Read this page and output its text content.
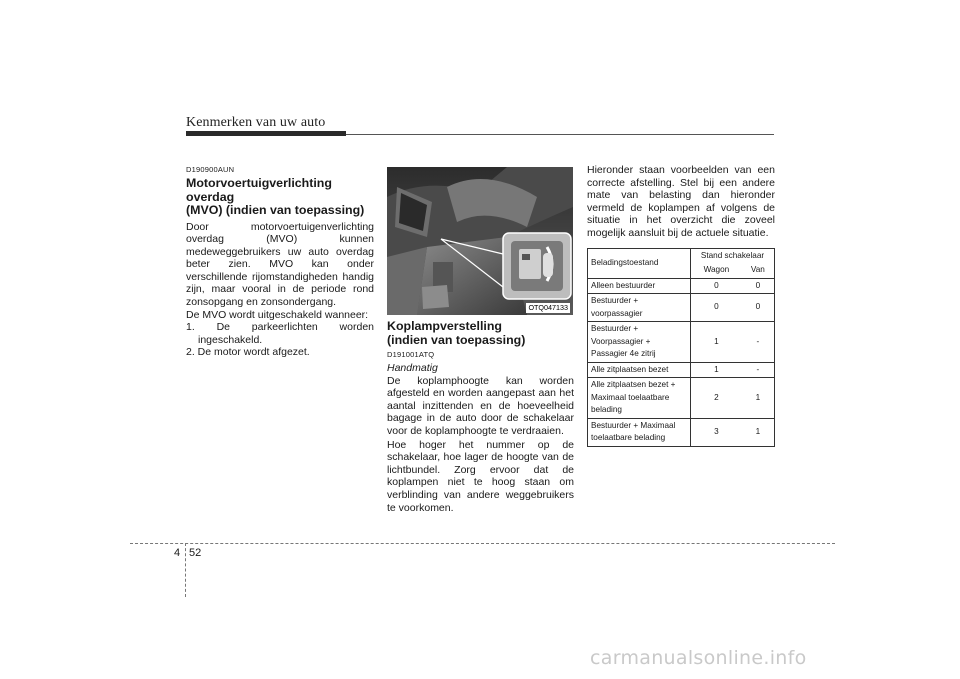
Kenmerken van uw auto
D190900AUN
Motorvoertuigverlichting overdag
(MVO) (indien van toepassing)

Door motorvoertuigenverlichting overdag (MVO) kunnen medeweggebruikers uw auto overdag beter zien. MVO kan onder verschillende rijomstandigheden handig zijn, maar vooral in de periode rond zonsopgang en zonsondergang.

De MVO wordt uitgeschakeld wanneer:

1. De parkeerlichten worden ingeschakeld.
2. De motor wordt afgezet.
OTQ047133
Koplampverstelling
(indien van toepassing)
D191001ATQ
Handmatig

De koplamphoogte kan worden afgesteld en worden aangepast aan het aantal inzittenden en de hoeveelheid bagage in de auto door de schakelaar voor de koplamphoogte te verdraaien.

Hoe hoger het nummer op de schakelaar, hoe lager de hoogte van de lichtbundel. Zorg ervoor dat de koplampen niet te hoog staan om verblinding van andere weggebruikers te voorkomen.

Hieronder staan voorbeelden van een correcte afstelling. Stel bij een andere mate van belasting dan hieronder vermeld de koplampen af volgens de situatie in het overzicht die zoveel mogelijk aansluit bij de actuele situatie.

Beladingstoestand	Stand schakelaar	
	Wagon	Van

Alleen bestuurder	0	0

Bestuurder +
voorpassagier	0	0

Bestuurder +
Voorpassagier +
Passagier 4e zitrij	1	-

Alle zitplaatsen bezet	1	-

Alle zitplaatsen bezet +
Maximaal toelaatbare
belading	2	1

Bestuurder + Maximaal
toelaatbare belading	3	1
4 52
carmanualsonline.info
